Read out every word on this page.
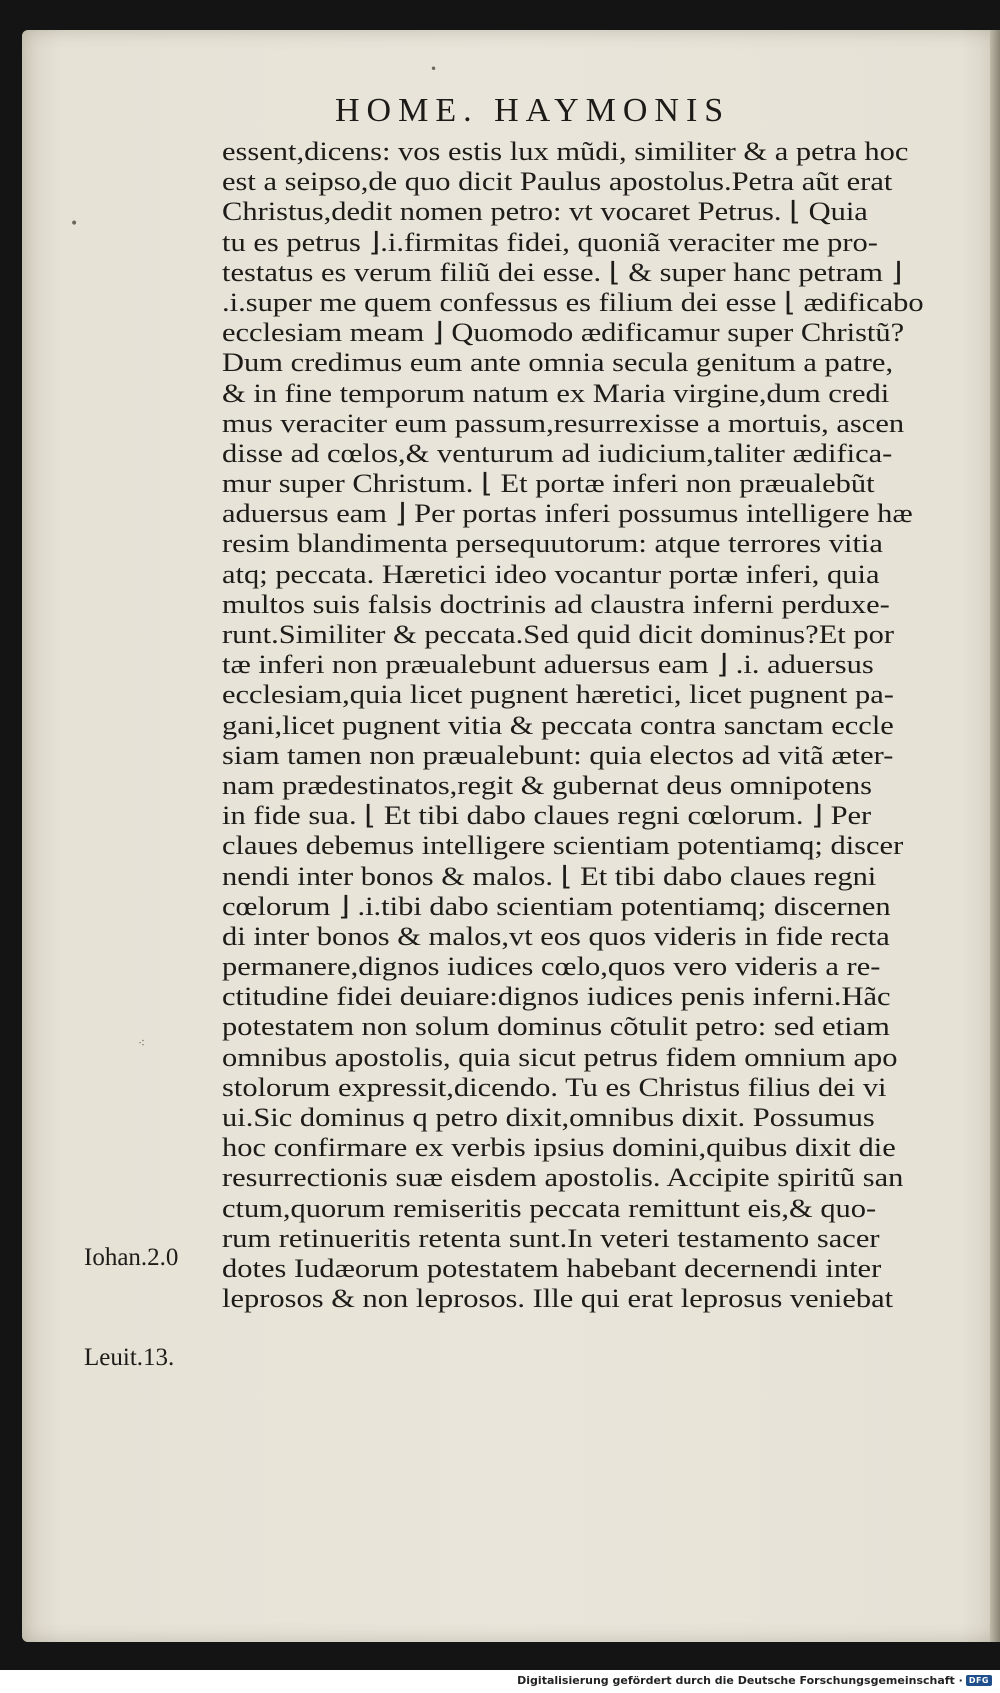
•
•
⁖
HOME. HAYMONIS
essent,dicens: vos estis lux mũdi, similiter & a petra hoc
est a seipso,de quo dicit Paulus apostolus.Petra aũt erat
Christus,dedit nomen petro: vt vocaret Petrus. ⌊ Quia
tu es petrus ⌋.i.firmitas fidei, quoniã veraciter me pro-
testatus es verum filiũ dei esse. ⌊ & super hanc petram ⌋
.i.super me quem confessus es filium dei esse ⌊ ædificabo
ecclesiam meam ⌋ Quomodo ædificamur super Christũ?
Dum credimus eum ante omnia secula genitum a patre,
& in fine temporum natum ex Maria virgine,dum credi
mus veraciter eum passum,resurrexisse a mortuis, ascen
disse ad cœlos,& venturum ad iudicium,taliter ædifica-
mur super Christum. ⌊ Et portæ inferi non præualebũt
aduersus eam ⌋ Per portas inferi possumus intelligere hæ
resim blandimenta persequutorum: atque terrores vitia
atq; peccata. Hæretici ideo vocantur portæ inferi, quia
multos suis falsis doctrinis ad claustra inferni perduxe-
runt.Similiter & peccata.Sed quid dicit dominus?Et por
tæ inferi non præualebunt aduersus eam ⌋ .i. aduersus
ecclesiam,quia licet pugnent hæretici, licet pugnent pa-
gani,licet pugnent vitia & peccata contra sanctam eccle
siam tamen non præualebunt: quia electos ad vitã æter-
nam prædestinatos,regit & gubernat deus omnipotens
in fide sua. ⌊ Et tibi dabo claues regni cœlorum. ⌋ Per
claues debemus intelligere scientiam potentiamq; discer
nendi inter bonos & malos. ⌊ Et tibi dabo claues regni
cœlorum ⌋ .i.tibi dabo scientiam potentiamq; discernen
di inter bonos & malos,vt eos quos videris in fide recta
permanere,dignos iudices cœlo,quos vero videris a re-
ctitudine fidei deuiare:dignos iudices penis inferni.Hãc
potestatem non solum dominus cõtulit petro: sed etiam
omnibus apostolis, quia sicut petrus fidem omnium apo
stolorum expressit,dicendo. Tu es Christus filius dei vi
ui.Sic dominus q petro dixit,omnibus dixit. Possumus
hoc confirmare ex verbis ipsius domini,quibus dixit die
resurrectionis suæ eisdem apostolis. Accipite spiritũ san
ctum,quorum remiseritis peccata remittunt eis,& quo-
rum retinueritis retenta sunt.In veteri testamento sacer
dotes Iudæorum potestatem habebant decernendi inter
leprosos & non leprosos. Ille qui erat leprosus veniebat
Iohan.2.0
Leuit.13.
Digitalisierung gefördert durch die Deutsche Forschungsgemeinschaft · DFG
